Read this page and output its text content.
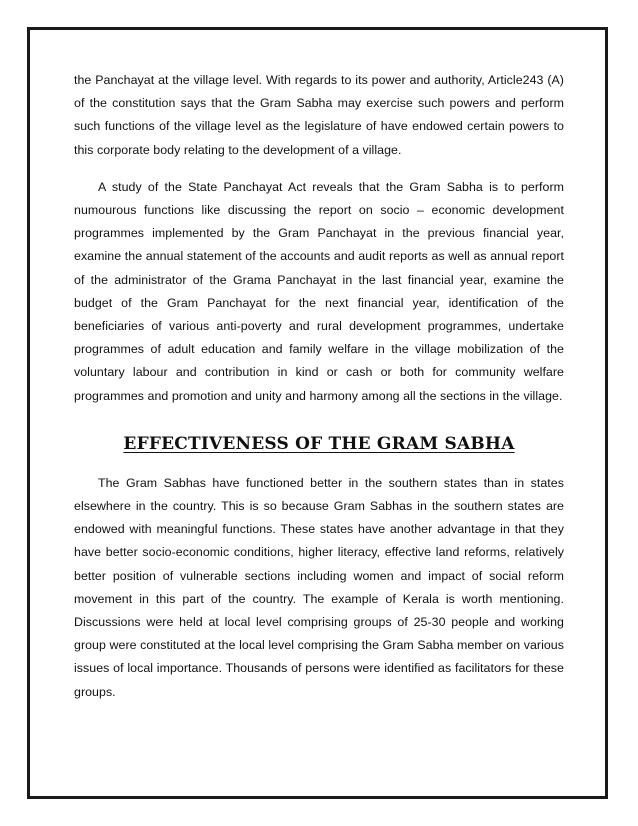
the Panchayat at the village level. With regards to its power and authority, Article243 (A) of the constitution says that the Gram Sabha may exercise such powers and perform such functions of the village level as the legislature of have endowed certain powers to this corporate body relating to the development of a village.

A study of the State Panchayat Act reveals that the Gram Sabha is to perform numourous functions like discussing the report on socio – economic development programmes implemented by the Gram Panchayat in the previous financial year, examine the annual statement of the accounts and audit reports as well as annual report of the administrator of the Grama Panchayat in the last financial year, examine the budget of the Gram Panchayat for the next financial year, identification of the beneficiaries of various anti-poverty and rural development programmes, undertake programmes of adult education and family welfare in the village mobilization of the voluntary labour and contribution in kind or cash or both for community welfare programmes and promotion and unity and harmony among all the sections in the village.

EFFECTIVENESS OF THE GRAM SABHA

The Gram Sabhas have functioned better in the southern states than in states elsewhere in the country. This is so because Gram Sabhas in the southern states are endowed with meaningful functions. These states have another advantage in that they have better socio-economic conditions, higher literacy, effective land reforms, relatively better position of vulnerable sections including women and impact of social reform movement in this part of the country. The example of Kerala is worth mentioning. Discussions were held at local level comprising groups of 25-30 people and working group were constituted at the local level comprising the Gram Sabha member on various issues of local importance. Thousands of persons were identified as facilitators for these groups.
